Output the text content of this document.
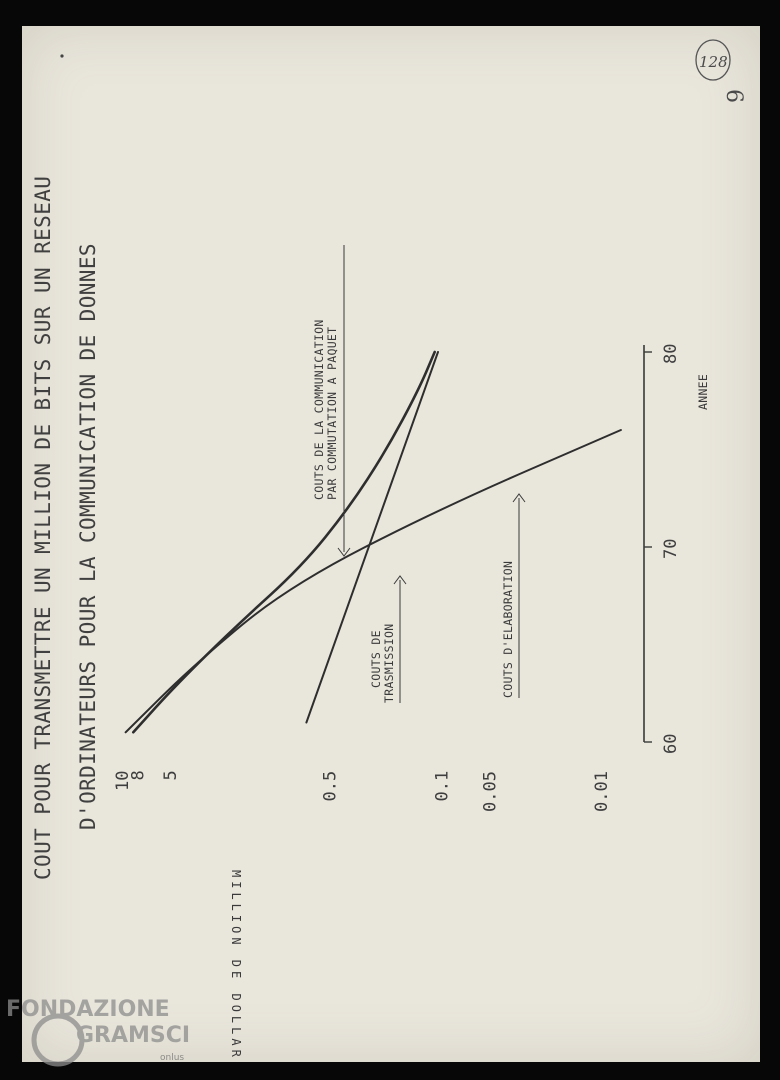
COUT POUR TRANSMETTRE UN MILLION DE BITS SUR UN RESEAU D'ORDINATEURS POUR LA COMMUNICATION DE DONNES	60
70
80
10
8 5	0.5	0.1 0.05	0.01
MILLION DE DOLLAR
ANNEE
COUTS DE LA COMMUNICATION PAR COMMUTATION A PAQUET
COUTS DE TRASMISSION	COUTS D'ELABORATION
128
6
FONDAZIONE
GRAMSCI
onlus
